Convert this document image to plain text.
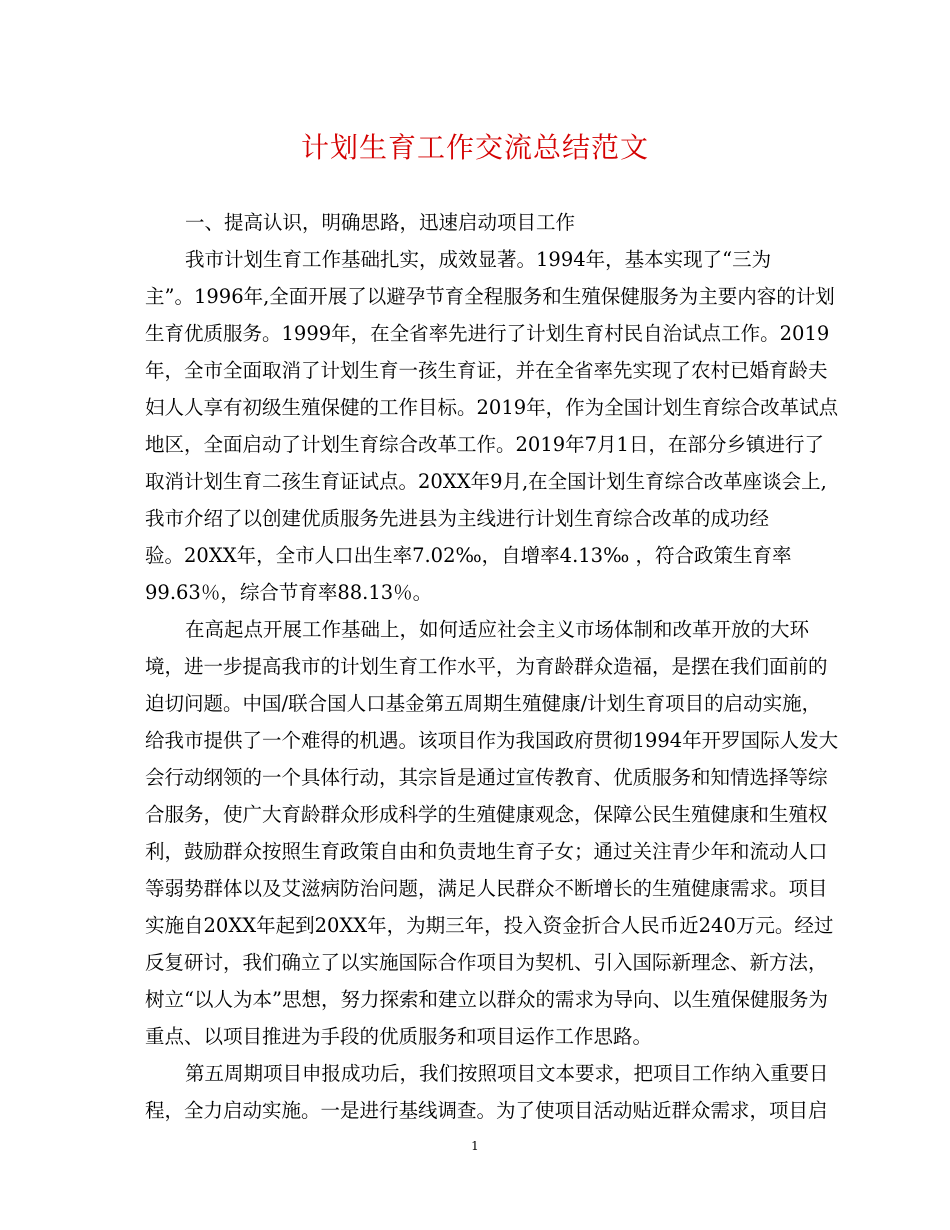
计划生育工作交流总结范文
一、提高认识，明确思路，迅速启动项目工作
我市计划生育工作基础扎实，成效显著。1994年，基本实现了“三为
主”。1996年,全面开展了以避孕节育全程服务和生殖保健服务为主要内容的计划
生育优质服务。1999年，在全省率先进行了计划生育村民自治试点工作。2019
年，全市全面取消了计划生育一孩生育证，并在全省率先实现了农村已婚育龄夫
妇人人享有初级生殖保健的工作目标。2019年，作为全国计划生育综合改革试点
地区，全面启动了计划生育综合改革工作。2019年7月1日，在部分乡镇进行了
取消计划生育二孩生育证试点。20XX年9月,在全国计划生育综合改革座谈会上,
我市介绍了以创建优质服务先进县为主线进行计划生育综合改革的成功经
验。20XX年，全市人口出生率7.02‰，自增率4.13‰ ，符合政策生育率
99.63％，综合节育率88.13％。
在高起点开展工作基础上，如何适应社会主义市场体制和改革开放的大环
境，进一步提高我市的计划生育工作水平，为育龄群众造福，是摆在我们面前的
迫切问题。中国/联合国人口基金第五周期生殖健康/计划生育项目的启动实施，
给我市提供了一个难得的机遇。该项目作为我国政府贯彻1994年开罗国际人发大
会行动纲领的一个具体行动，其宗旨是通过宣传教育、优质服务和知情选择等综
合服务，使广大育龄群众形成科学的生殖健康观念，保障公民生殖健康和生殖权
利，鼓励群众按照生育政策自由和负责地生育子女；通过关注青少年和流动人口
等弱势群体以及艾滋病防治问题，满足人民群众不断增长的生殖健康需求。项目
实施自20XX年起到20XX年，为期三年，投入资金折合人民币近240万元。经过
反复研讨，我们确立了以实施国际合作项目为契机、引入国际新理念、新方法，
树立“以人为本”思想，努力探索和建立以群众的需求为导向、以生殖保健服务为
重点、以项目推进为手段的优质服务和项目运作工作思路。
第五周期项目申报成功后，我们按照项目文本要求，把项目工作纳入重要日
程，全力启动实施。一是进行基线调查。为了使项目活动贴近群众需求，项目启
1
